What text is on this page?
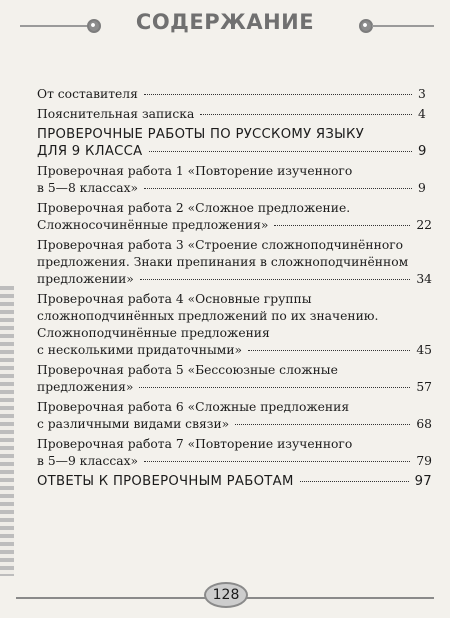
СОДЕРЖАНИЕ
От составителя	3
Пояснительная записка	4
ПРОВЕРОЧНЫЕ РАБОТЫ ПО РУССКОМУ ЯЗЫКУ
ДЛЯ 9 КЛАССА	9
Проверочная работа 1 «Повторение изученного
в 5—8 классах»	9
Проверочная работа 2 «Сложное предложение.
Сложносочинённые предложения»	22
Проверочная работа 3 «Строение сложноподчинённого
предложения. Знаки препинания в сложноподчинённом
предложении»	34
Проверочная работа 4 «Основные группы
сложноподчинённых предложений по их значению.
Сложноподчинённые предложения
с несколькими придаточными»	45
Проверочная работа 5 «Бессоюзные сложные
предложения»	57
Проверочная работа 6 «Сложные предложения
с различными видами связи»	68
Проверочная работа 7 «Повторение изученного
в 5—9 классах»	79
ОТВЕТЫ К ПРОВЕРОЧНЫМ РАБОТАМ	97
128
